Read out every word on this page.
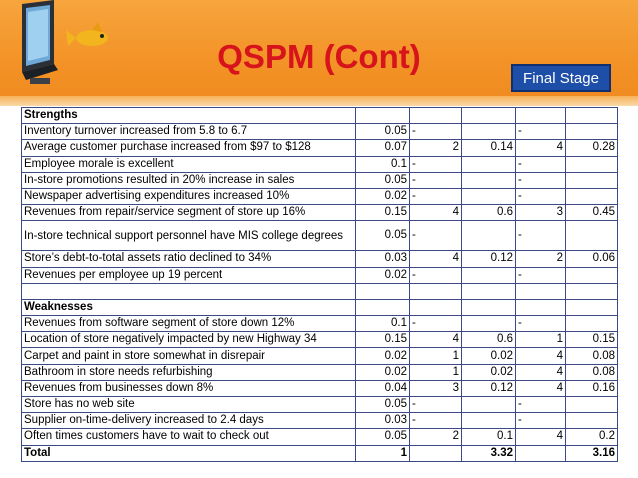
QSPM (Cont)
Final Stage
Strengths					
Inventory turnover increased from 5.8 to 6.7	0.05	-		-	
Average customer purchase increased from $97 to $128	0.07	2	0.14	4	0.28
Employee morale is excellent	0.1	-		-	
In-store promotions resulted in 20% increase in sales	0.05	-		-	
Newspaper advertising expenditures increased 10%	0.02	-		-	
Revenues from repair/service segment of store up 16%	0.15	4	0.6	3	0.45
In-store technical support personnel have MIS college degrees	0.05	-		-	
Store’s debt-to-total assets ratio declined to 34%	0.03	4	0.12	2	0.06
Revenues per employee up 19 percent	0.02	-		-	

Weaknesses					
Revenues from software segment of store down 12%	0.1	-		-	
Location of store negatively impacted by new Highway 34	0.15	4	0.6	1	0.15
Carpet and paint in store somewhat in disrepair	0.02	1	0.02	4	0.08
Bathroom in store needs refurbishing	0.02	1	0.02	4	0.08
Revenues from businesses down 8%	0.04	3	0.12	4	0.16
Store has no web site	0.05	-		-	
Supplier on-time-delivery increased to 2.4 days	0.03	-		-	
Often times customers have to wait to check out	0.05	2	0.1	4	0.2
Total	1		3.32		3.16
